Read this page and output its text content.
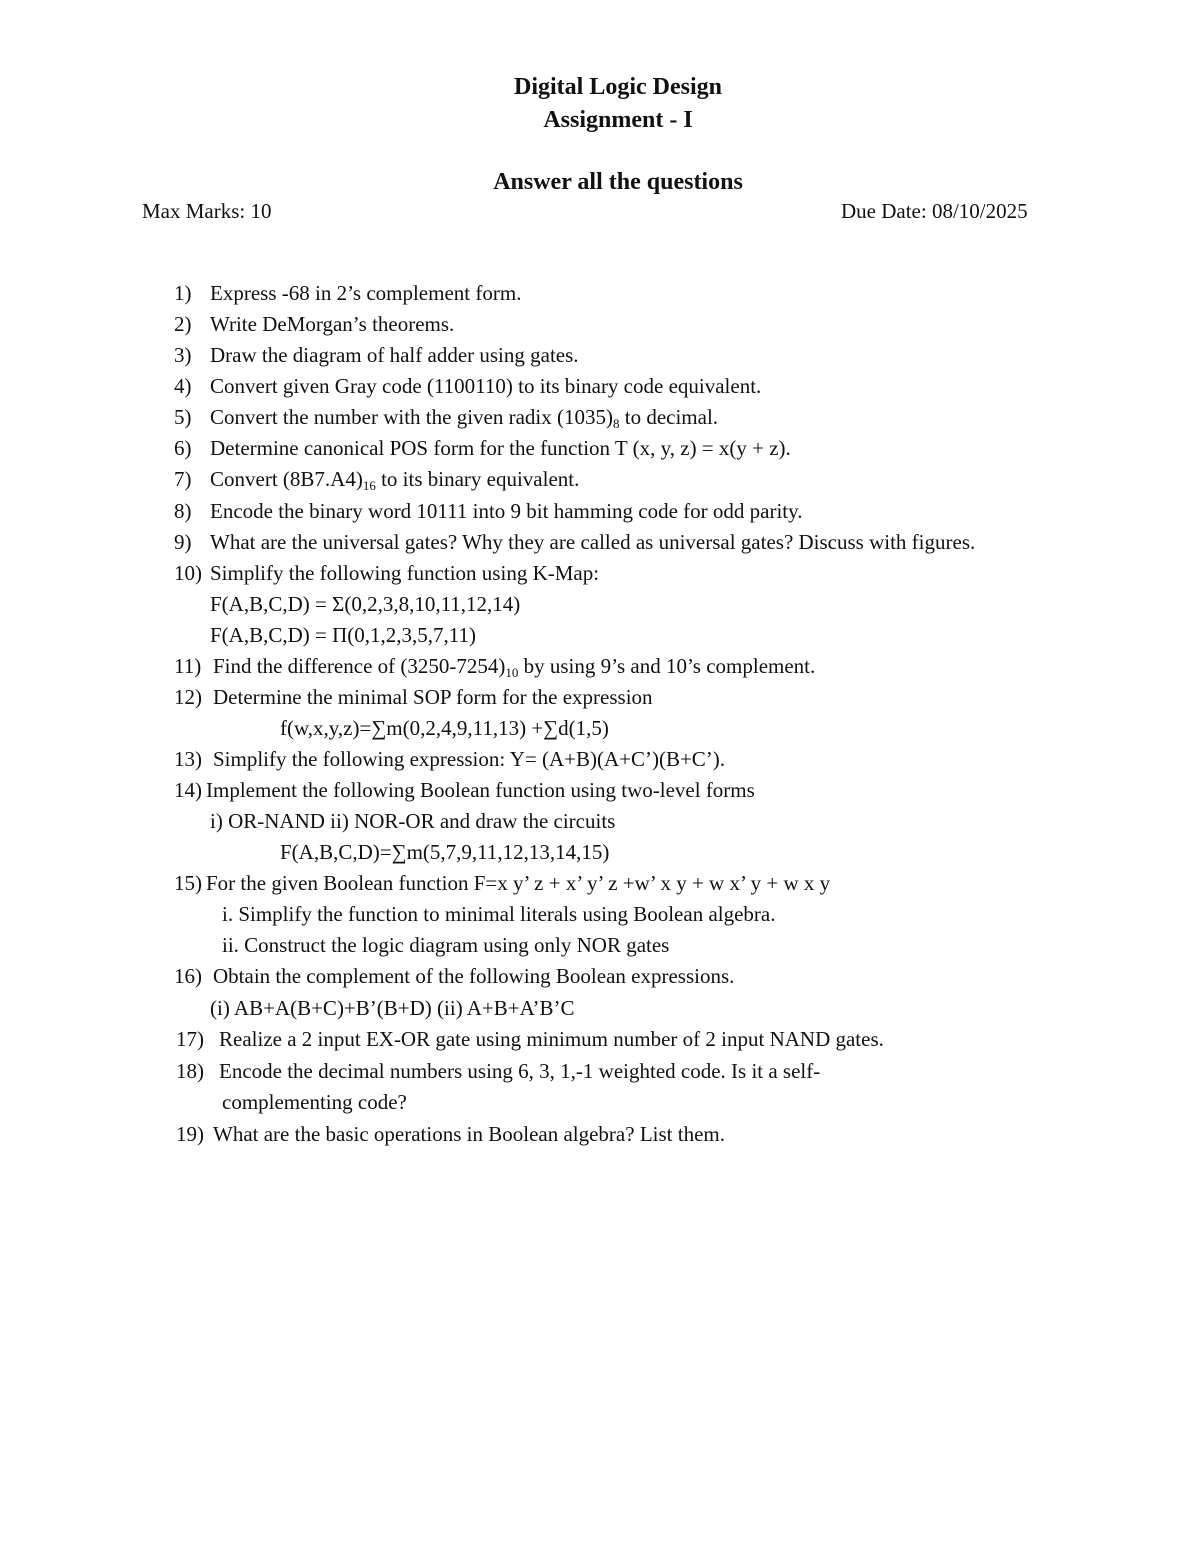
Digital Logic Design
Assignment - I
Answer all the questions
Max Marks: 10	Due Date: 08/10/2025
1) Express -68 in 2’s complement form.
2) Write DeMorgan’s theorems.
3) Draw the diagram of half adder using gates.
4) Convert given Gray code (1100110) to its binary code equivalent.
5) Convert the number with the given radix $(1035)_8$ to decimal.
6) Determine canonical POS form for the function T (x, y, z) = x(y + z).
7) Convert $(8B7.A4)_{16}$ to its binary equivalent.
8) Encode the binary word 10111 into 9 bit hamming code for odd parity.
9) What are the universal gates? Why they are called as universal gates? Discuss with figures.
10) Simplify the following function using K-Map:
F(A,B,C,D) = Σ(0,2,3,8,10,11,12,14)
F(A,B,C,D) = Π(0,1,2,3,5,7,11)
11) Find the difference of $(3250-7254)_{10}$ by using 9’s and 10’s complement.
12) Determine the minimal SOP form for the expression
f(w,x,y,z)=∑m(0,2,4,9,11,13) +∑d(1,5)
13) Simplify the following expression: Y= (A+B)(A+C’)(B+C’).
14) Implement the following Boolean function using two-level forms
i) OR-NAND ii) NOR-OR and draw the circuits
F(A,B,C,D)=∑m(5,7,9,11,12,13,14,15)
15) For the given Boolean function F=x y’ z + x’ y’ z +w’ x y + w x’ y + w x y
i. Simplify the function to minimal literals using Boolean algebra.
ii. Construct the logic diagram using only NOR gates
16) Obtain the complement of the following Boolean expressions.
(i) AB+A(B+C)+B’(B+D) (ii) A+B+A’B’C
17) Realize a 2 input EX-OR gate using minimum number of 2 input NAND gates.
18) Encode the decimal numbers using 6, 3, 1,-1 weighted code. Is it a self-
complementing code?
19) What are the basic operations in Boolean algebra? List them.
